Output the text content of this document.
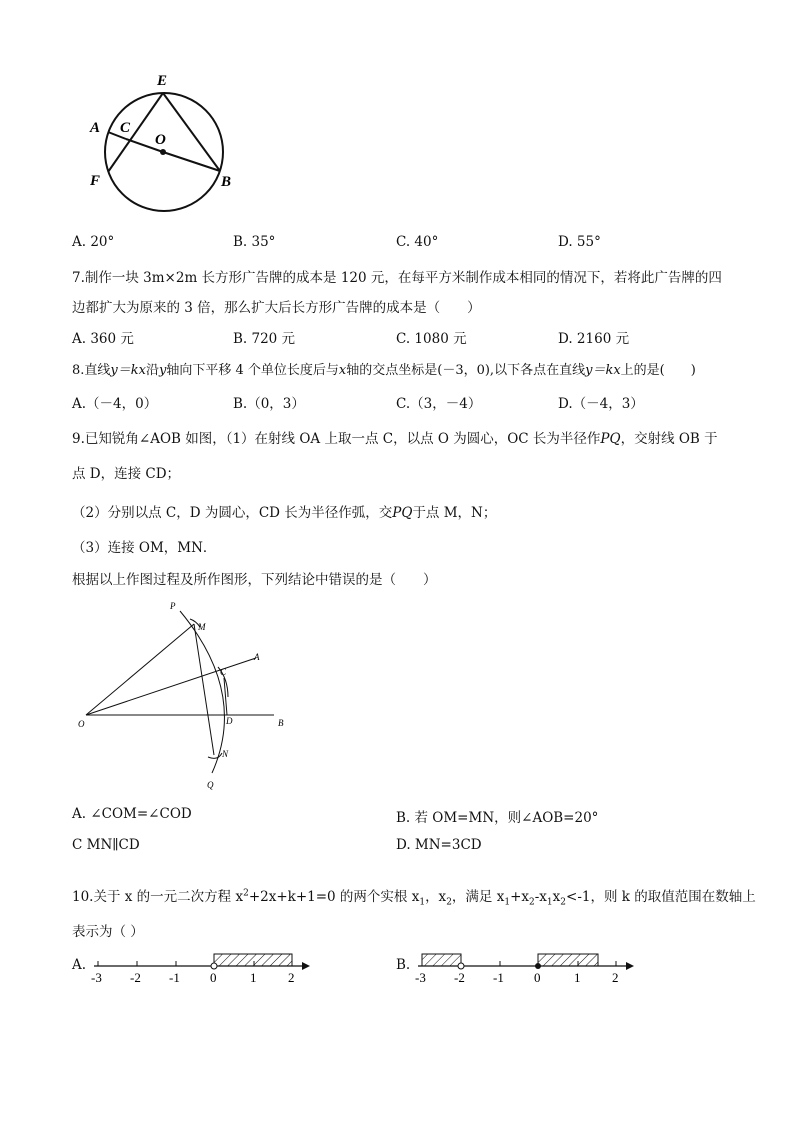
E
A C
O
F	B
A. 20°	B. 35°	C. 40°	D. 55°
7.制作一块 3m×2m 长方形广告牌的成本是 120 元，在每平方米制作成本相同的情况下，若将此广告牌的四
边都扩大为原来的 3 倍，那么扩大后长方形广告牌的成本是（　　）
A. 360 元	B. 720 元	C. 1080 元	D. 2160 元
8.直线y＝kx沿y轴向下平移 4 个单位长度后与x轴的交点坐标是(－3，0),以下各点在直线y＝kx上的是(　　)
A.（－4，0）	B.（0，3）	C.（3，－4）	D.（－4，3）
9.已知锐角∠AOB 如图，（1）在射线 OA 上取一点 C，以点 O 为圆心，OC 长为半径作PQ，交射线 OB 于
点 D，连接 CD；
（2）分别以点 C，D 为圆心，CD 长为半径作弧，交PQ于点 M，N；
（3）连接 OM，MN．
根据以上作图过程及所作图形，下列结论中错误的是（　　）
P
M
A
C
O	D	B
N
Q
A. ∠COM=∠COD	B. 若 OM=MN，则∠AOB=20°
C MN∥CD	D. MN=3CD
10.关于 x 的一元二次方程 $x^2+2x+k+1=0$ 的两个实根 $x_1$，$x_2$，满足 $x_1+x_2-x_1x_2<-1$，则 k 的取值范围在数轴上
表示为（ ）
A.
-3 -2 -1 0	1 2
B.
-3 -2 -1 0	1 2
